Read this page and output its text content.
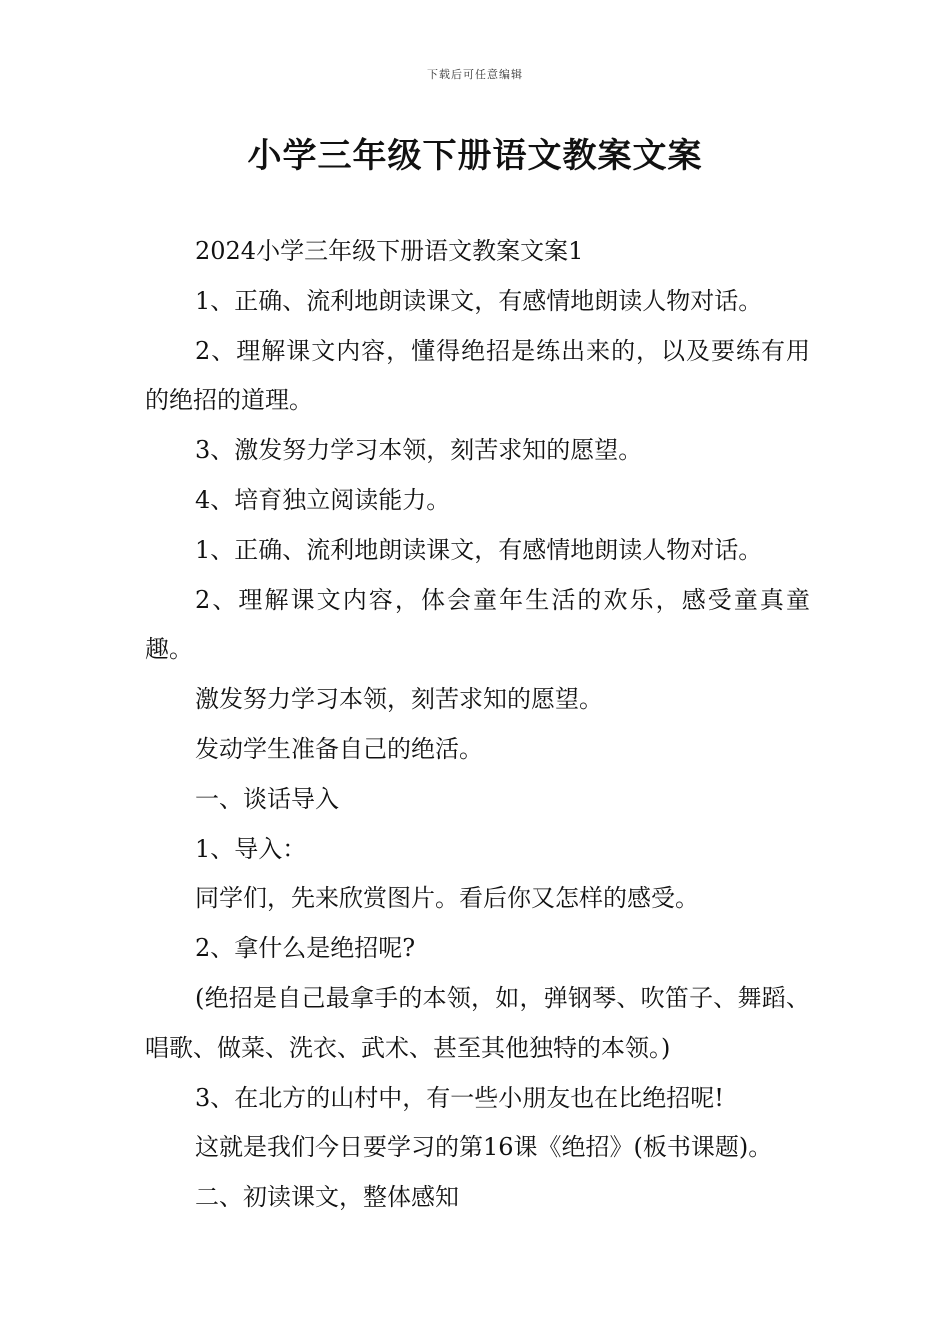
下载后可任意编辑
小学三年级下册语文教案文案

2024小学三年级下册语文教案文案1

1、正确、流利地朗读课文，有感情地朗读人物对话。

2、理解课文内容，懂得绝招是练出来的，以及要练有用的绝招的道理。

3、激发努力学习本领，刻苦求知的愿望。

4、培育独立阅读能力。

1、正确、流利地朗读课文，有感情地朗读人物对话。

2、理解课文内容，体会童年生活的欢乐，感受童真童趣。

激发努力学习本领，刻苦求知的愿望。

发动学生准备自己的绝活。

一、谈话导入

1、导入：

同学们，先来欣赏图片。看后你又怎样的感受。

2、拿什么是绝招呢?

(绝招是自己最拿手的本领，如，弹钢琴、吹笛子、舞蹈、唱歌、做菜、洗衣、武术、甚至其他独特的本领。)

3、在北方的山村中，有一些小朋友也在比绝招呢!

这就是我们今日要学习的第16课《绝招》(板书课题)。

二、初读课文，整体感知
